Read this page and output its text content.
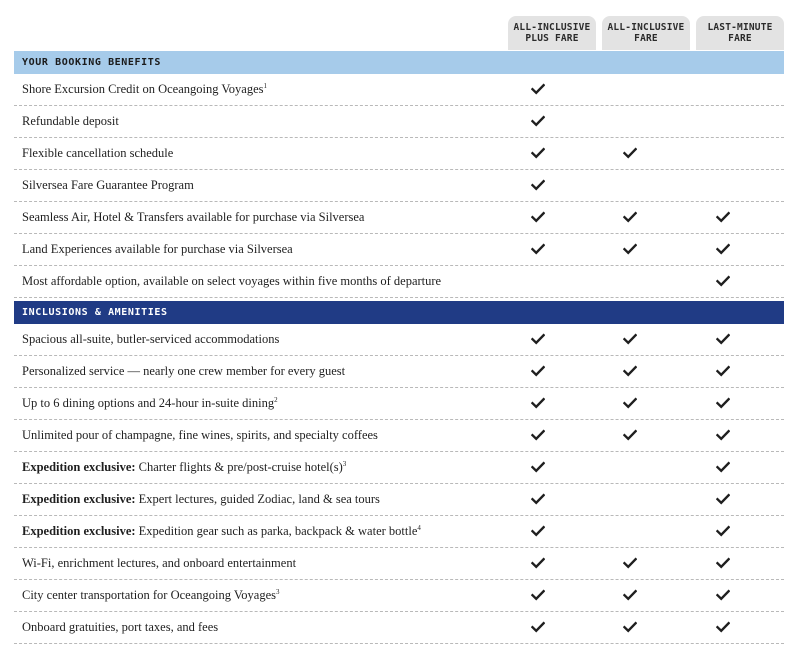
ALL-INCLUSIVE
PLUS FARE
ALL-INCLUSIVE
FARE
LAST-MINUTE
FARE
YOUR BOOKING BENEFITS
Shore Excursion Credit on Oceangoing Voyages$^1$
Refundable deposit
Flexible cancellation schedule
Silversea Fare Guarantee Program
Seamless Air, Hotel & Transfers available for purchase via Silversea
Land Experiences available for purchase via Silversea
Most affordable option, available on select voyages within five months of departure
INCLUSIONS & AMENITIES
Spacious all-suite, butler-serviced accommodations
Personalized service — nearly one crew member for every guest
Up to 6 dining options and 24-hour in-suite dining$^2$
Unlimited pour of champagne, fine wines, spirits, and specialty coffees
Expedition exclusive: Charter flights & pre/post-cruise $hotel(s)^3$
Expedition exclusive: Expert lectures, guided Zodiac, land & sea tours
Expedition exclusive: Expedition gear such as parka, backpack & water bottle$^4$
Wi-Fi, enrichment lectures, and onboard entertainment
City center transportation for Oceangoing Voyages$^3$
Onboard gratuities, port taxes, and fees
